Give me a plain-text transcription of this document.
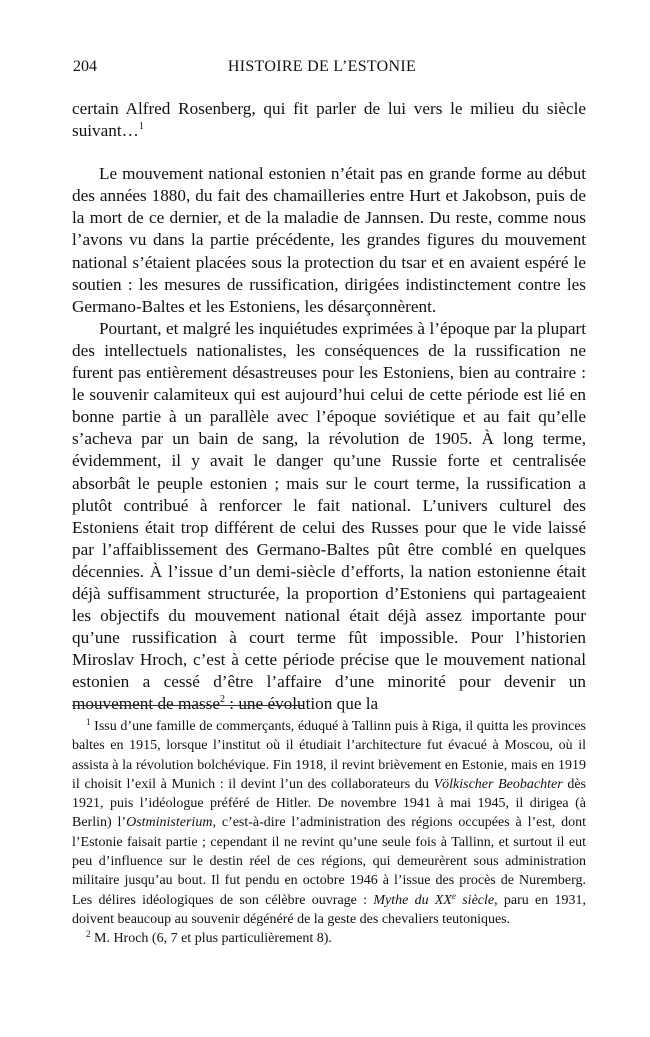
204	HISTOIRE DE L’ESTONIE

certain Alfred Rosenberg, qui fit parler de lui vers le milieu du siècle suivant…$^1$

Le mouvement national estonien n’était pas en grande forme au début des années 1880, du fait des chamailleries entre Hurt et Jakobson, puis de la mort de ce dernier, et de la maladie de Jannsen. Du reste, comme nous l’avons vu dans la partie précédente, les grandes figures du mouvement national s’étaient placées sous la protection du tsar et en avaient espéré le soutien : les mesures de russification, dirigées indistinctement contre les Germano-Baltes et les Estoniens, les désarçonnèrent.

Pourtant, et malgré les inquiétudes exprimées à l’époque par la plupart des intellectuels nationalistes, les conséquences de la russification ne furent pas entièrement désastreuses pour les Estoniens, bien au contraire : le souvenir calamiteux qui est aujourd’hui celui de cette période est lié en bonne partie à un parallèle avec l’époque soviétique et au fait qu’elle s’acheva par un bain de sang, la révolution de 1905. À long terme, évidemment, il y avait le danger qu’une Russie forte et centralisée absorbât le peuple estonien ; mais sur le court terme, la russification a plutôt contribué à renforcer le fait national. L’univers culturel des Estoniens était trop différent de celui des Russes pour que le vide laissé par l’affaiblissement des Germano-Baltes pût être comblé en quelques décennies. À l’issue d’un demi-siècle d’efforts, la nation estonienne était déjà suffisamment structurée, la proportion d’Estoniens qui partageaient les objectifs du mouvement national était déjà assez importante pour qu’une russification à court terme fût impossible. Pour l’historien Miroslav Hroch, c’est à cette période précise que le mouvement national estonien a cessé d’être l’affaire d’une minorité pour devenir un mouvement de masse$^2$ : une évolution que la

$^1$ Issu d’une famille de commerçants, éduqué à Tallinn puis à Riga, il quitta les provinces baltes en 1915, lorsque l’institut où il étudiait l’architecture fut évacué à Moscou, où il assista à la révolution bolchévique. Fin 1918, il revint brièvement en Estonie, mais en 1919 il choisit l’exil à Munich : il devint l’un des collaborateurs du Völkischer Beobachter dès 1921, puis l’idéologue préféré de Hitler. De novembre 1941 à mai 1945, il dirigea (à Berlin) l’Ostministerium, c’est-à-dire l’administration des régions occupées à l’est, dont l’Estonie faisait partie ; cependant il ne revint qu’une seule fois à Tallinn, et surtout il eut peu d’influence sur le destin réel de ces régions, qui demeurèrent sous administration militaire jusqu’au bout. Il fut pendu en octobre 1946 à l’issue des procès de Nuremberg. Les délires idéologiques de son célèbre ouvrage : Mythe du XXe siècle, paru en 1931, doivent beaucoup au souvenir dégénéré de la geste des chevaliers teutoniques.

$^2$ M. Hroch (6, 7 et plus particulièrement 8).
